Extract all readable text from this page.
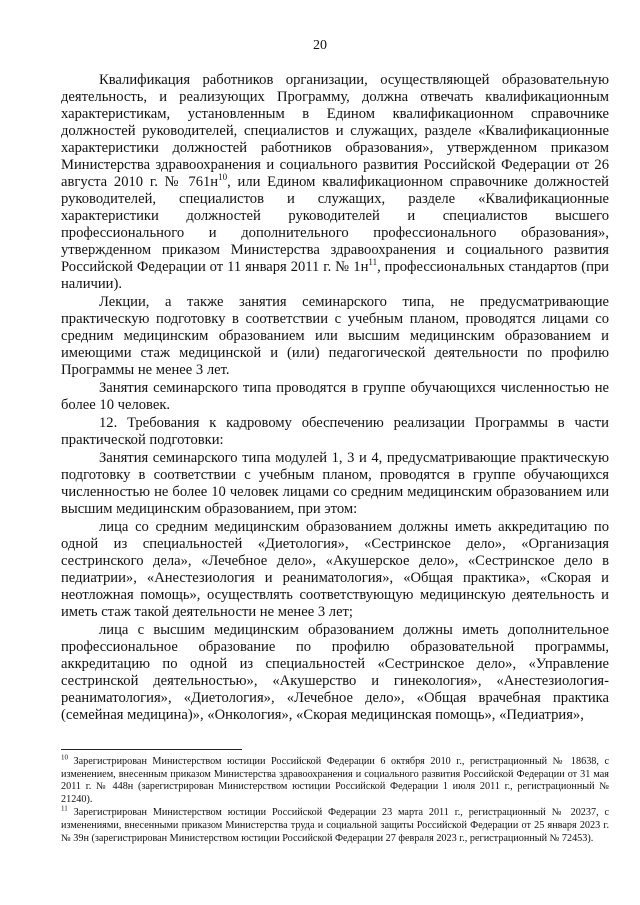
20

Квалификация работников организации, осуществляющей образовательную деятельность, и реализующих Программу, должна отвечать квалификационным характеристикам, установленным в Едином квалификационном справочнике должностей руководителей, специалистов и служащих, разделе «Квалификационные характеристики должностей работников образования», утвержденном приказом Министерства здравоохранения и социального развития Российской Федерации от 26 августа 2010 г. № $761н^{10}$, или Едином квалификационном справочнике должностей руководителей, специалистов и служащих, разделе «Квалификационные характеристики должностей руководителей и специалистов высшего профессионального и дополнительного профессионального образования», утвержденном приказом Министерства здравоохранения и социального развития Российской Федерации от 11 января 2011 г. № $1н^{11}$, профессиональных стандартов (при наличии).

Лекции, а также занятия семинарского типа, не предусматривающие практическую подготовку в соответствии с учебным планом, проводятся лицами со средним медицинским образованием или высшим медицинским образованием и имеющими стаж медицинской и (или) педагогической деятельности по профилю Программы не менее 3 лет.

Занятия семинарского типа проводятся в группе обучающихся численностью не более 10 человек.

12. Требования к кадровому обеспечению реализации Программы в части практической подготовки:

Занятия семинарского типа модулей 1, 3 и 4, предусматривающие практическую подготовку в соответствии с учебным планом, проводятся в группе обучающихся численностью не более 10 человек лицами со средним медицинским образованием или высшим медицинским образованием, при этом:

лица со средним медицинским образованием должны иметь аккредитацию по одной из специальностей «Диетология», «Сестринское дело», «Организация сестринского дела», «Лечебное дело», «Акушерское дело», «Сестринское дело в педиатрии», «Анестезиология и реаниматология», «Общая практика», «Скорая и неотложная помощь», осуществлять соответствующую медицинскую деятельность и иметь стаж такой деятельности не менее 3 лет;

лица с высшим медицинским образованием должны иметь дополнительное профессиональное образование по профилю образовательной программы, аккредитацию по одной из специальностей «Сестринское дело», «Управление сестринской деятельностью», «Акушерство и гинекология», «Анестезиология-реаниматология», «Диетология», «Лечебное дело», «Общая врачебная практика (семейная медицина)», «Онкология», «Скорая медицинская помощь», «Педиатрия»,

$^{10}$ Зарегистрирован Министерством юстиции Российской Федерации 6 октября 2010 г., регистрационный № 18638, с изменением, внесенным приказом Министерства здравоохранения и социального развития Российской Федерации от 31 мая 2011 г. № 448н (зарегистрирован Министерством юстиции Российской Федерации 1 июля 2011 г., регистрационный № 21240).

$^{11}$ Зарегистрирован Министерством юстиции Российской Федерации 23 марта 2011 г., регистрационный № 20237, с изменениями, внесенными приказом Министерства труда и социальной защиты Российской Федерации от 25 января 2023 г. № 39н (зарегистрирован Министерством юстиции Российской Федерации 27 февраля 2023 г., регистрационный № 72453).
